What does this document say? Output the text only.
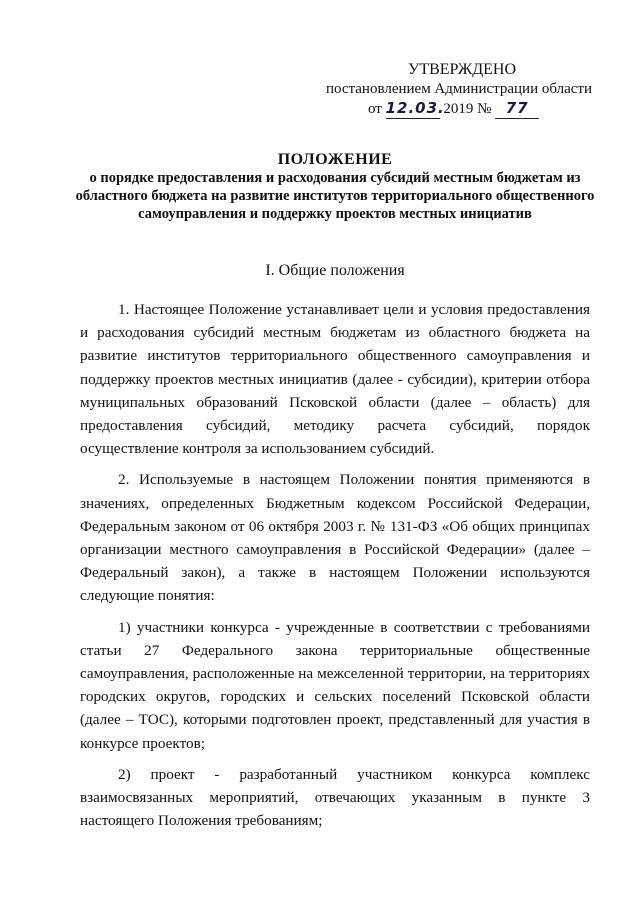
УТВЕРЖДЕНО
постановлением Администрации области
от 12.03. 2019 № 77
ПОЛОЖЕНИЕ
о порядке предоставления и расходования субсидий местным бюджетам из областного бюджета на развитие институтов территориального общественного самоуправления и поддержку проектов местных инициатив
I. Общие положения

1. Настоящее Положение устанавливает цели и условия предоставления и расходования субсидий местным бюджетам из областного бюджета на развитие институтов территориального общественного самоуправления и поддержку проектов местных инициатив (далее - субсидии), критерии отбора муниципальных образований Псковской области (далее – область) для предоставления субсидий, методику расчета субсидий, порядок осуществление контроля за использованием субсидий.

2. Используемые в настоящем Положении понятия применяются в значениях, определенных Бюджетным кодексом Российской Федерации, Федеральным законом от 06 октября 2003 г. № 131-ФЗ «Об общих принципах организации местного самоуправления в Российской Федерации» (далее – Федеральный закон), а также в настоящем Положении используются следующие понятия:

1) участники конкурса - учрежденные в соответствии с требованиями статьи 27 Федерального закона территориальные общественные самоуправления, расположенные на межселенной территории, на территориях городских округов, городских и сельских поселений Псковской области (далее – ТОС), которыми подготовлен проект, представленный для участия в конкурсе проектов;

2) проект - разработанный участником конкурса комплекс взаимосвязанных мероприятий, отвечающих указанным в пункте 3 настоящего Положения требованиям;
